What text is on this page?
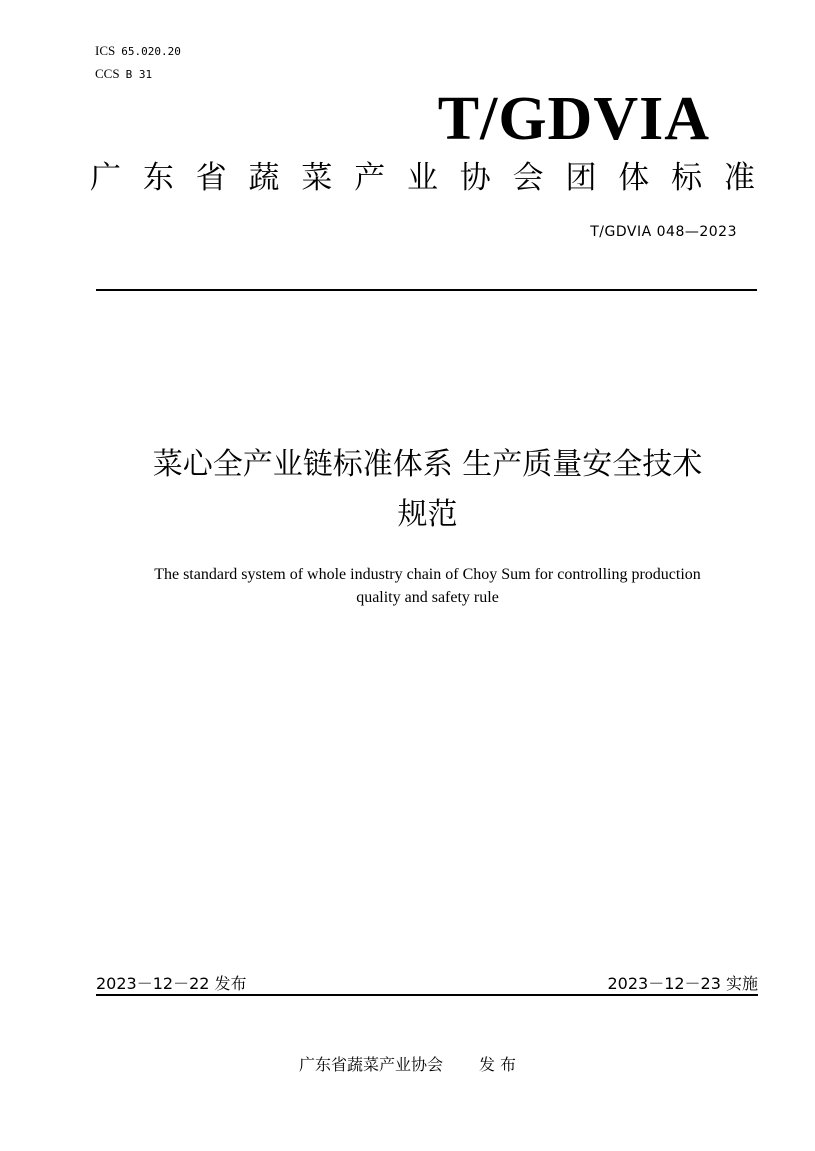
ICS 65.020.20
CCS B 31
T/GDVIA
广 东 省 蔬 菜 产 业 协 会 团 体 标 准
T/GDVIA 048—2023
菜心全产业链标准体系 生产质量安全技术
规范
The standard system of whole industry chain of Choy Sum for controlling production
quality and safety rule
2023－12－22 发布	2023－12－23 实施
广东省蔬菜产业协会 发 布
